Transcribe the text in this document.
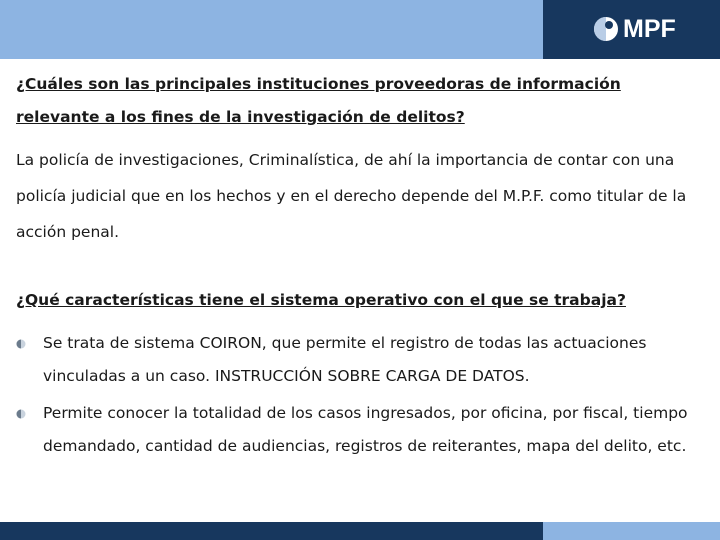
MPF

¿Cuáles son las principales instituciones proveedoras de información relevante a los fines de la investigación de delitos?

La policía de investigaciones, Criminalística, de ahí la importancia de contar con una policía judicial que en los hechos y en el derecho depende del M.P.F. como titular de la acción penal.

¿Qué características tiene el sistema operativo con el que se trabaja?

Se trata de sistema COIRON, que permite el registro de todas las actuaciones vinculadas a un caso. INSTRUCCIÓN SOBRE CARGA DE DATOS.
Permite conocer la totalidad de los casos ingresados, por oficina, por fiscal, tiempo demandado, cantidad de audiencias, registros de reiterantes, mapa del delito, etc.
